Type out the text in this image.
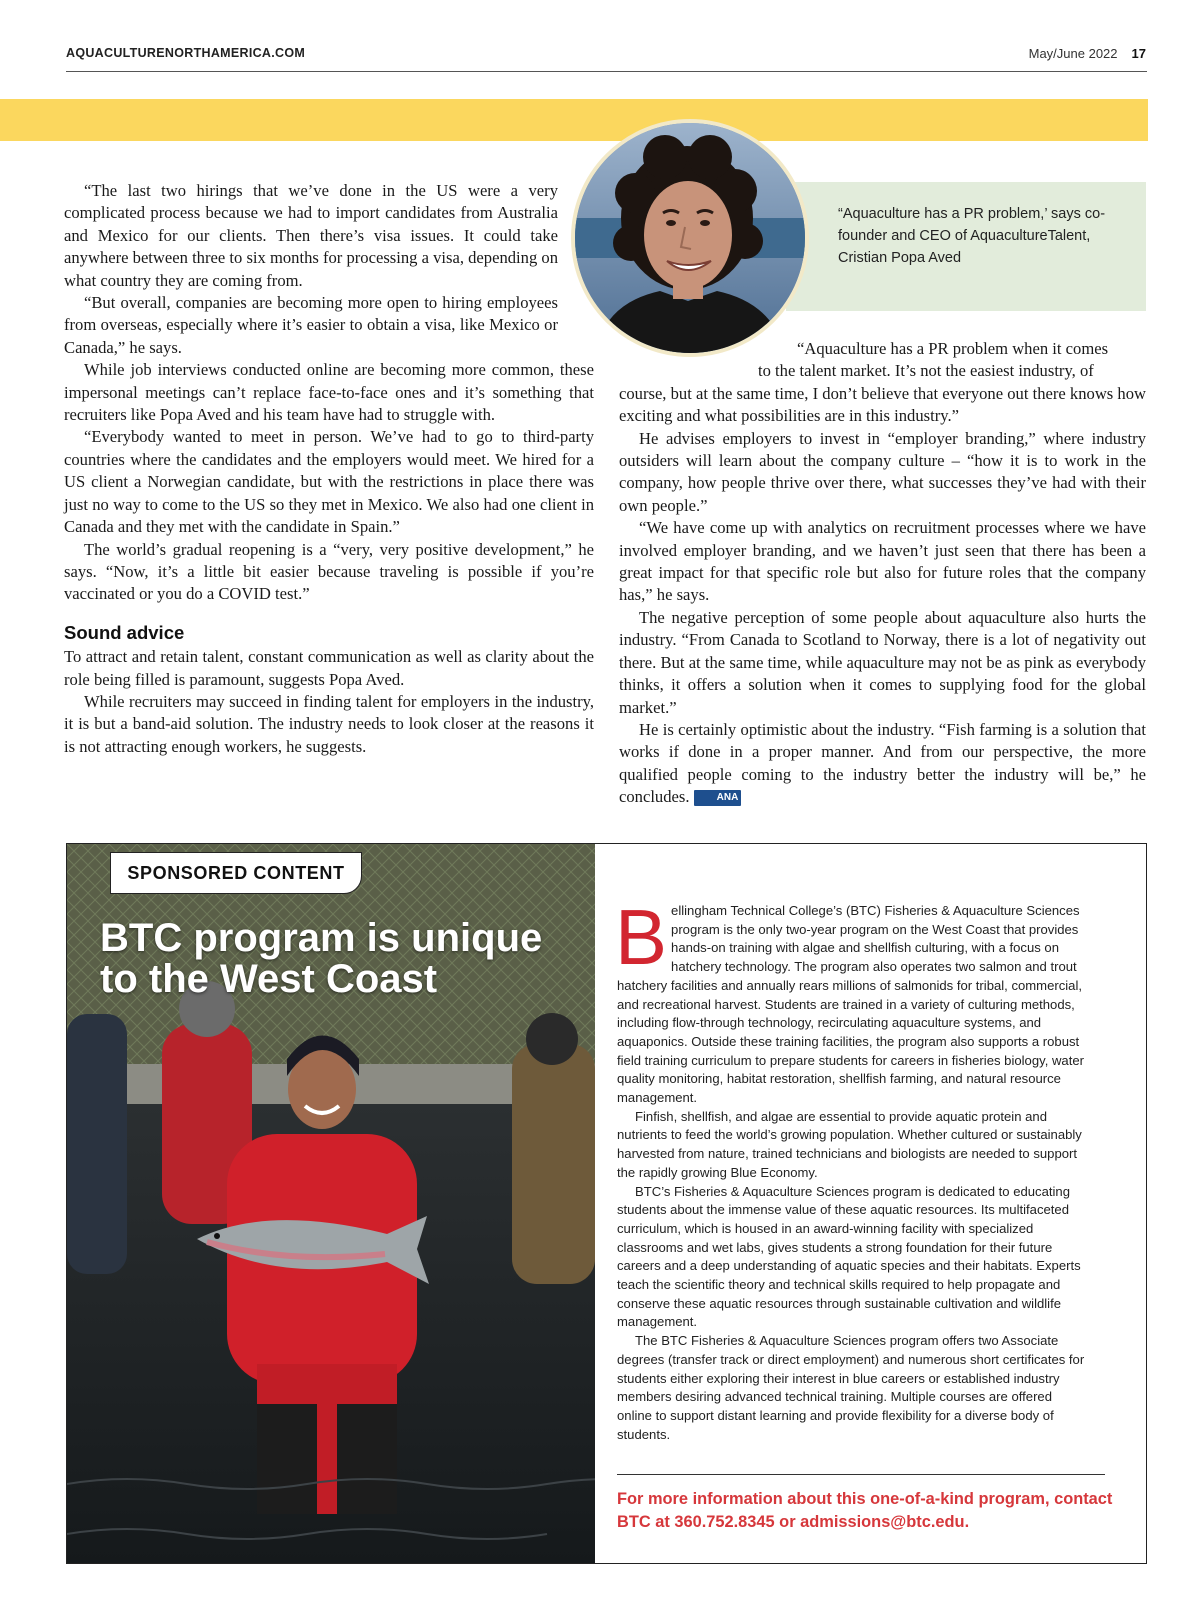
AQUACULTURENORTHAMERICA.COM	May/June 2022 17
“Aquaculture has a PR problem,’ says co-founder and CEO of AquacultureTalent, Cristian Popa Aved

“The last two hirings that we’ve done in the US were a very complicated process because we had to import candidates from Australia and Mexico for our clients. Then there’s visa issues. It could take anywhere between three to six months for processing a visa, depending on what country they are coming from.

“But overall, companies are becoming more open to hiring employees from overseas, especially where it’s easier to obtain a visa, like Mexico or Canada,” he says.

While job interviews conducted online are becoming more common, these impersonal meetings can’t replace face-to-face ones and it’s something that recruiters like Popa Aved and his team have had to struggle with.

“Everybody wanted to meet in person. We’ve had to go to third-party countries where the candidates and the employers would meet. We hired for a US client a Norwegian candidate, but with the restrictions in place there was just no way to come to the US so they met in Mexico. We also had one client in Canada and they met with the candidate in Spain.”

The world’s gradual reopening is a “very, very positive development,” he says. “Now, it’s a little bit easier because traveling is possible if you’re vaccinated or you do a COVID test.”

Sound advice

To attract and retain talent, constant communication as well as clarity about the role being filled is paramount, suggests Popa Aved.

While recruiters may succeed in finding talent for employers in the industry, it is but a band-aid solution. The industry needs to look closer at the reasons it is not attracting enough workers, he suggests.

“Aquaculture has a PR problem when it comes

to the talent market. It’s not the easiest industry, of

course, but at the same time, I don’t believe that everyone out there knows how exciting and what possibilities are in this industry.”

He advises employers to invest in “employer branding,” where industry outsiders will learn about the company culture – “how it is to work in the company, how people thrive over there, what successes they’ve had with their own people.”

“We have come up with analytics on recruitment processes where we have involved employer branding, and we haven’t just seen that there has been a great impact for that specific role but also for future roles that the company has,” he says.

The negative perception of some people about aquaculture also hurts the industry. “From Canada to Scotland to Norway, there is a lot of negativity out there. But at the same time, while aquaculture may not be as pink as everybody thinks, it offers a solution when it comes to supplying food for the global market.”

He is certainly optimistic about the industry. “Fish farming is a solution that works if done in a proper manner. And from our perspective, the more qualified people coming to the industry better the industry will be,” he concludes.	ANA

SPONSORED CONTENT
BTC program is unique to the West Coast	Bellingham Technical College’s (BTC) Fisheries & Aquaculture Sciences program is the only two-year program on the West Coast that provides hands-on training with algae and shellfish culturing, with a focus on hatchery technology. The program also operates two salmon and trout hatchery facilities and annually rears millions of salmonids for tribal, commercial, and recreational harvest. Students are trained in a variety of culturing methods, including flow-through technology, recirculating aquaculture systems, and aquaponics. Outside these training facilities, the program also supports a robust field training curriculum to prepare students for careers in fisheries biology, water quality monitoring, habitat restoration, shellfish farming, and natural resource management.

Finfish, shellfish, and algae are essential to provide aquatic protein and nutrients to feed the world’s growing population. Whether cultured or sustainably harvested from nature, trained technicians and biologists are needed to support the rapidly growing Blue Economy.

BTC’s Fisheries & Aquaculture Sciences program is dedicated to educating students about the immense value of these aquatic resources. Its multifaceted curriculum, which is housed in an award-winning facility with specialized classrooms and wet labs, gives students a strong foundation for their future careers and a deep understanding of aquatic species and their habitats. Experts teach the scientific theory and technical skills required to help propagate and conserve these aquatic resources through sustainable cultivation and wildlife management.

The BTC Fisheries & Aquaculture Sciences program offers two Associate degrees (transfer track or direct employment) and numerous short certificates for students either exploring their interest in blue careers or established industry members desiring advanced technical training. Multiple courses are offered online to support distant learning and provide flexibility for a diverse body of students.

For more information about this one-of-a-kind program, contact BTC at 360.752.8345 or admissions@btc.edu.
